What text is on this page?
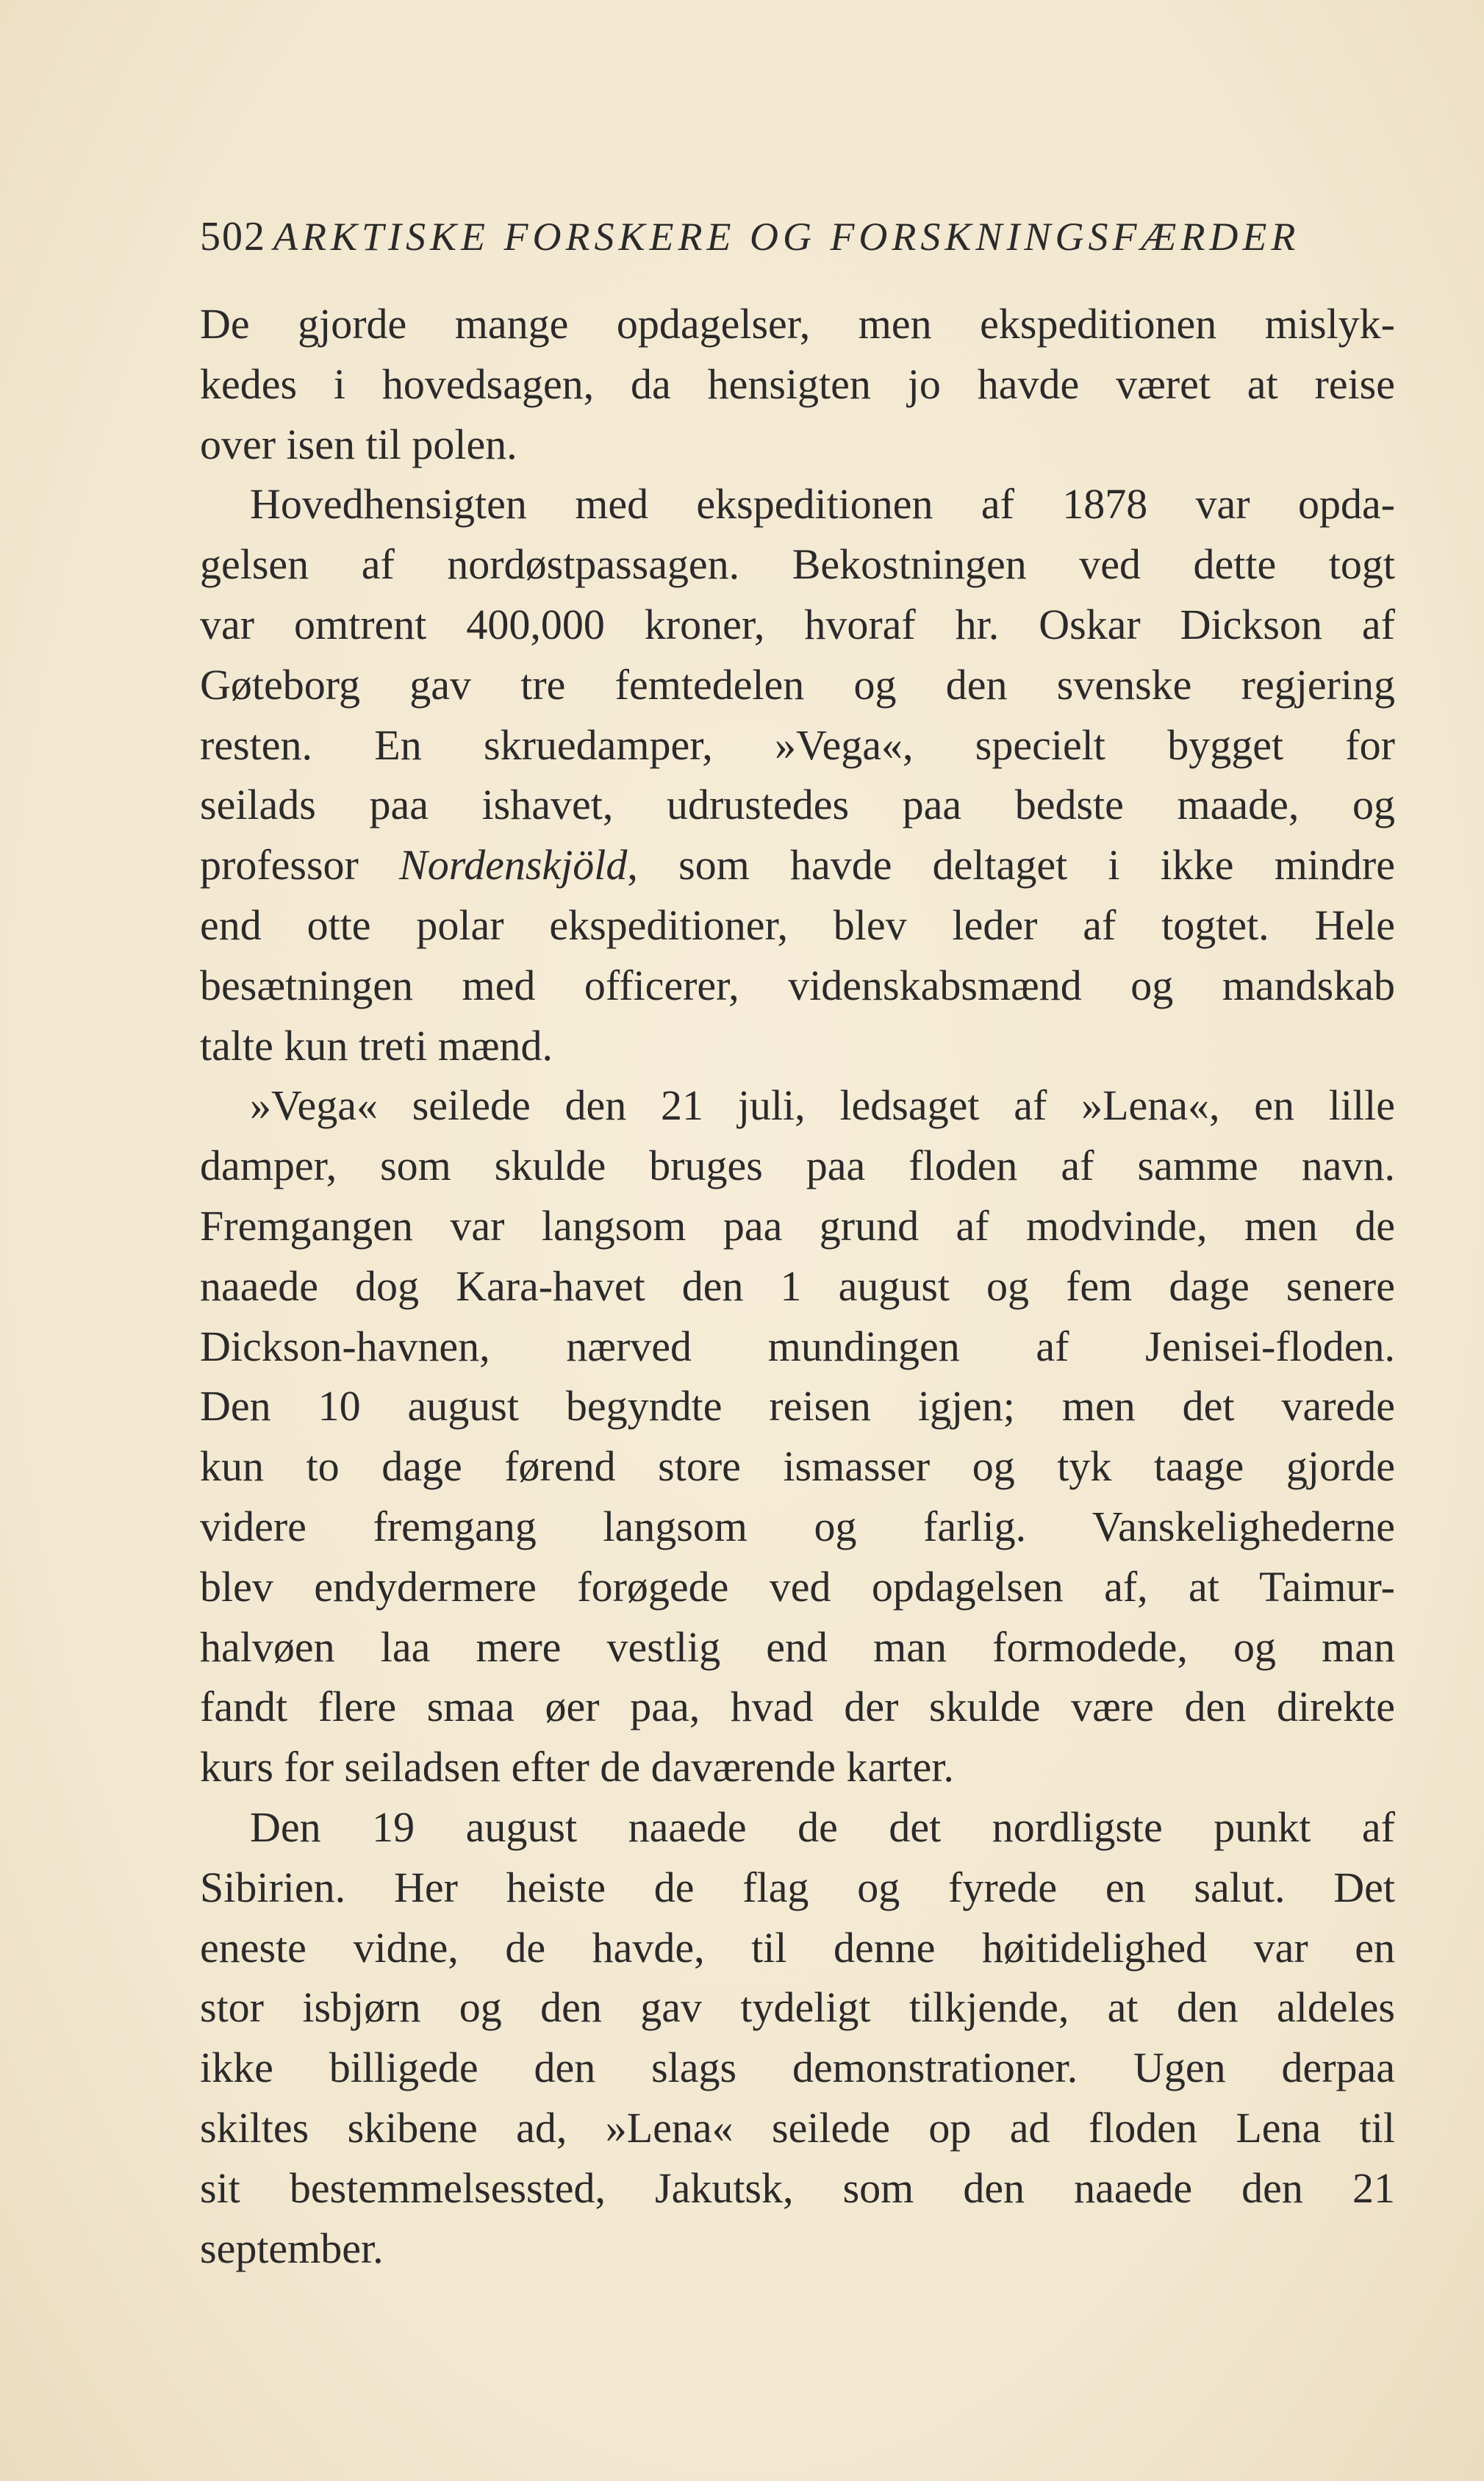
502 ARKTISKE FORSKERE OG FORSKNINGSFÆRDER
De gjorde mange opdagelser, men ekspeditionen mislyk-
kedes i hovedsagen, da hensigten jo havde været at reise
over isen til polen.
Hovedhensigten med ekspeditionen af 1878 var opda-
gelsen af nordøstpassagen. Bekostningen ved dette togt
var omtrent 400,000 kroner, hvoraf hr. Oskar Dickson af
Gøteborg gav tre femtedelen og den svenske regjering
resten. En skruedamper, »Vega«, specielt bygget for
seilads paa ishavet, udrustedes paa bedste maade, og
professor Nordenskjöld, som havde deltaget i ikke mindre
end otte polar ekspeditioner, blev leder af togtet. Hele
besætningen med officerer, videnskabsmænd og mandskab
talte kun treti mænd.
»Vega« seilede den 21 juli, ledsaget af »Lena«, en lille
damper, som skulde bruges paa floden af samme navn.
Fremgangen var langsom paa grund af modvinde, men de
naaede dog Kara-havet den 1 august og fem dage senere
Dickson-havnen, nærved mundingen af Jenisei-floden.
Den 10 august begyndte reisen igjen; men det varede
kun to dage førend store ismasser og tyk taage gjorde
videre fremgang langsom og farlig. Vanskelighederne
blev endydermere forøgede ved opdagelsen af, at Taimur-
halvøen laa mere vestlig end man formodede, og man
fandt flere smaa øer paa, hvad der skulde være den direkte
kurs for seiladsen efter de daværende karter.
Den 19 august naaede de det nordligste punkt af
Sibirien. Her heiste de flag og fyrede en salut. Det
eneste vidne, de havde, til denne høitidelighed var en
stor isbjørn og den gav tydeligt tilkjende, at den aldeles
ikke billigede den slags demonstrationer. Ugen derpaa
skiltes skibene ad, »Lena« seilede op ad floden Lena til
sit bestemmelsessted, Jakutsk, som den naaede den 21
september.
